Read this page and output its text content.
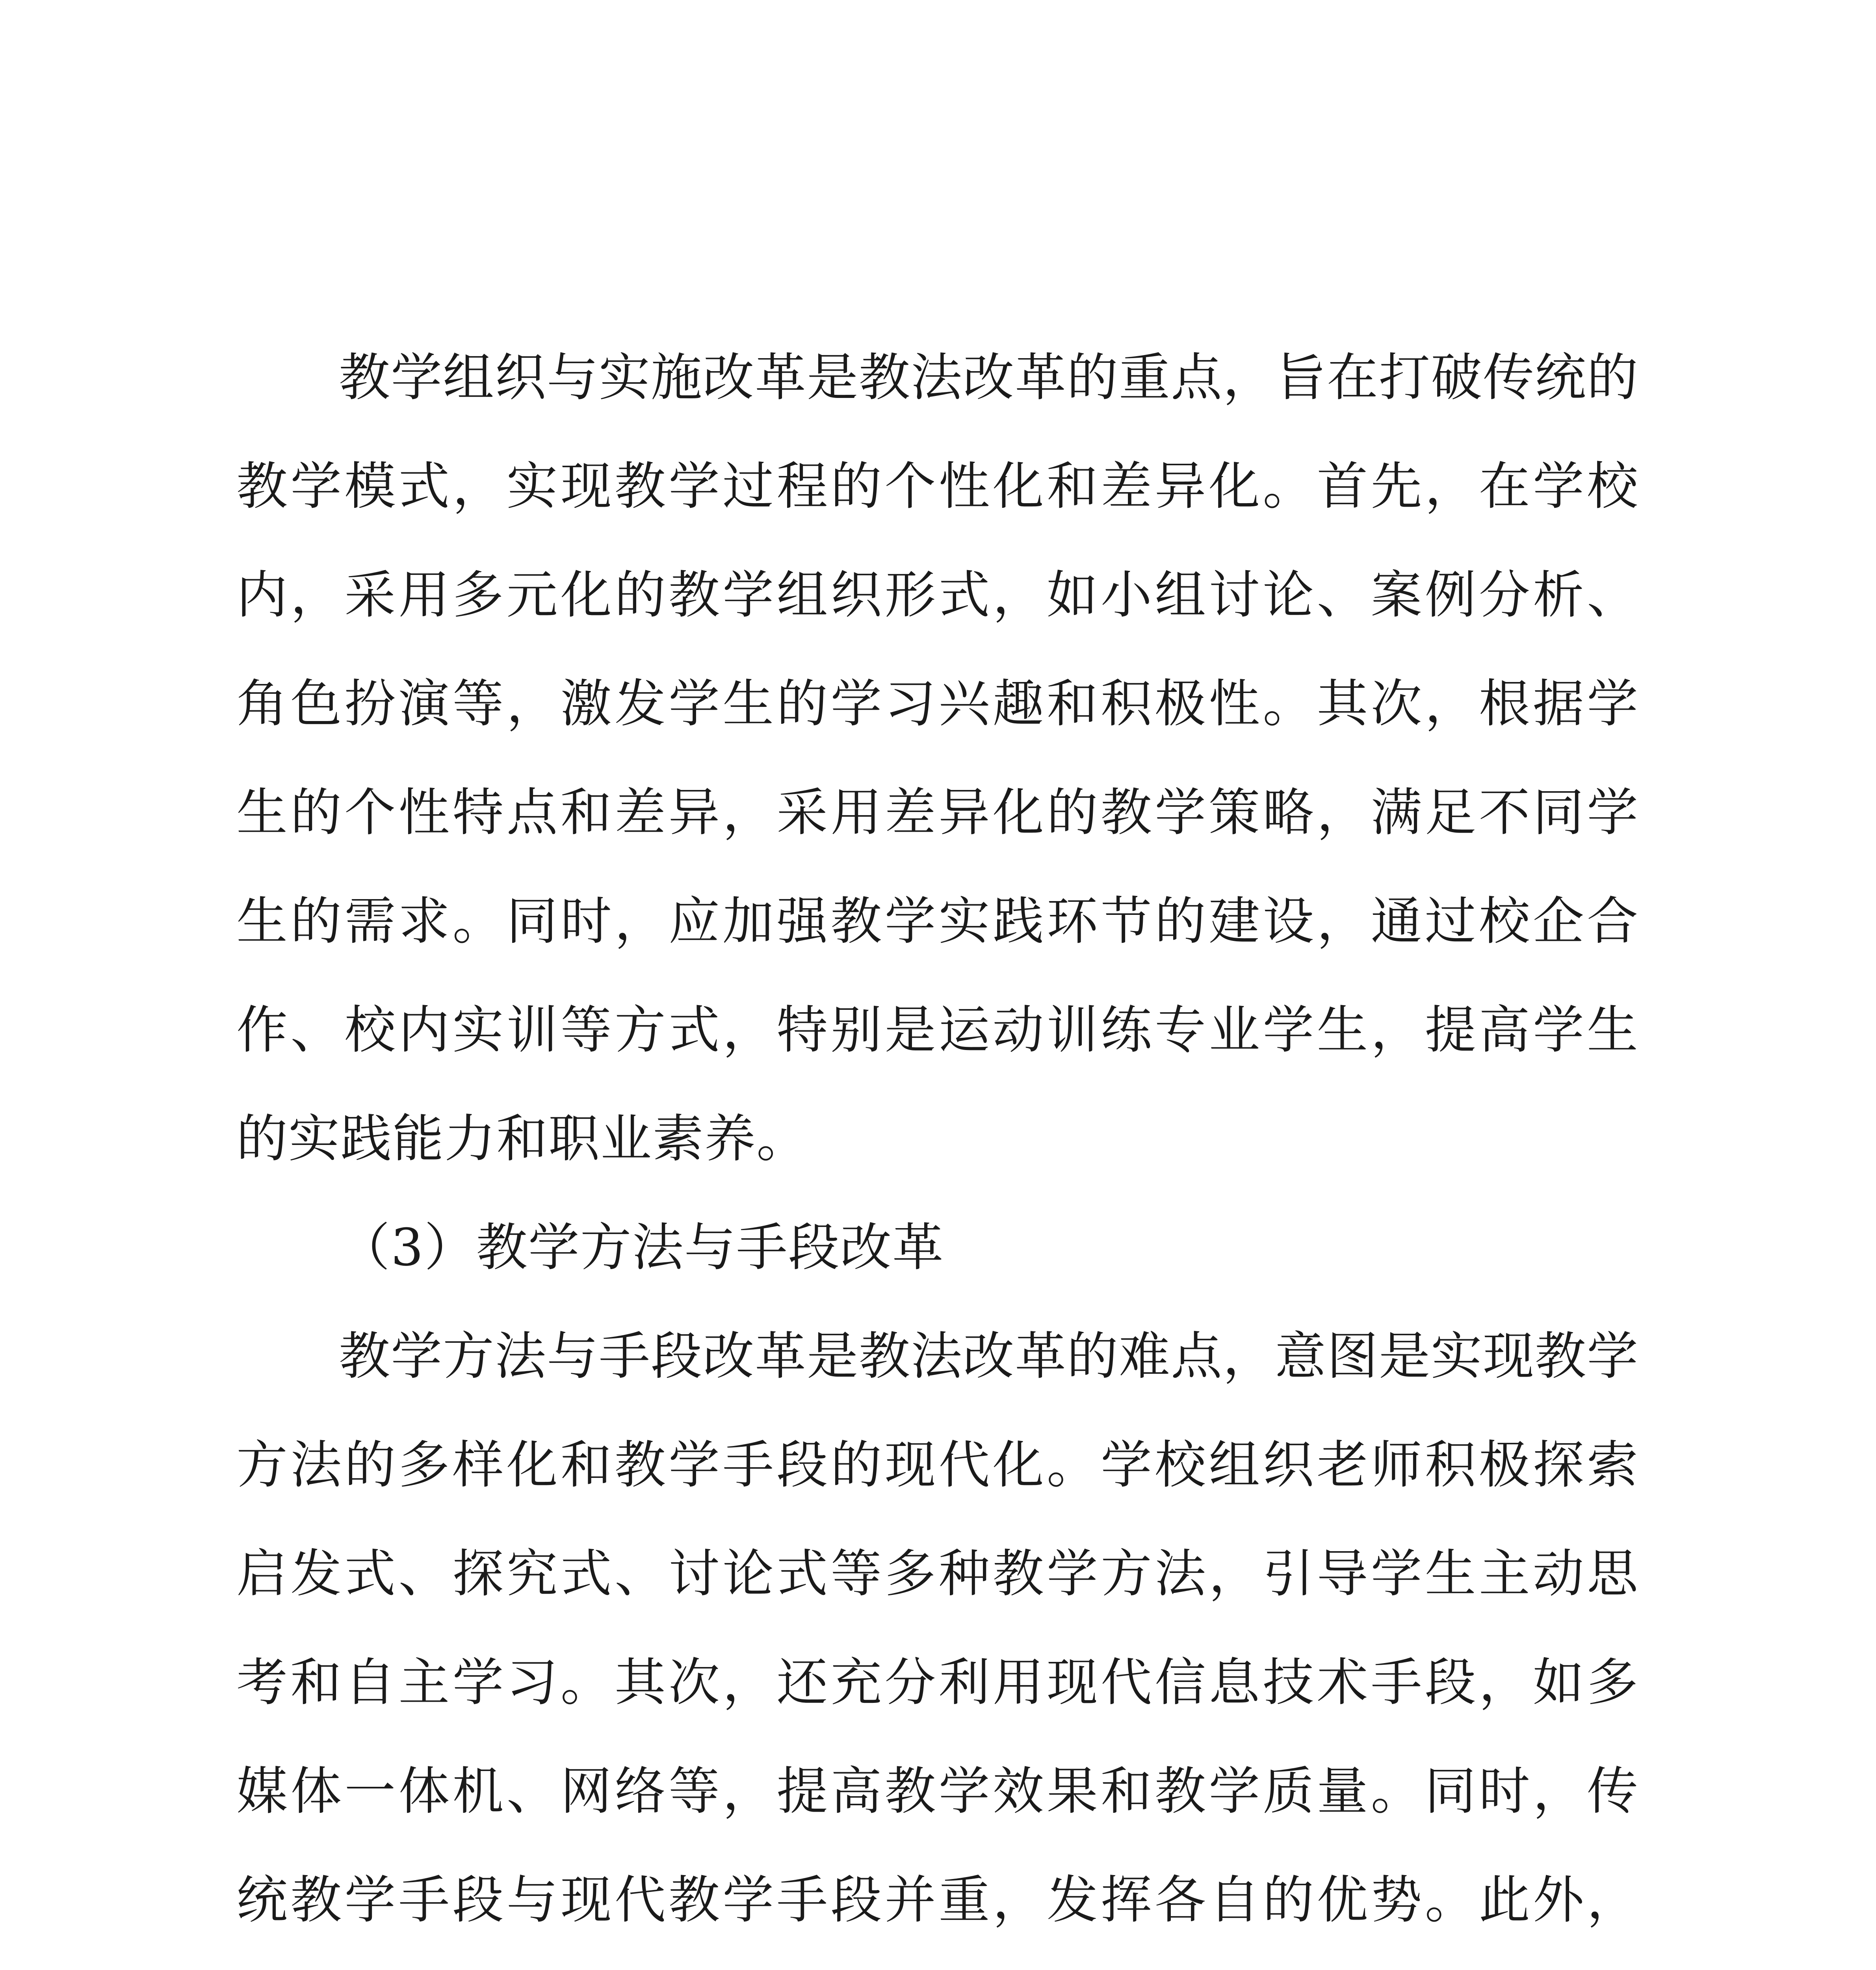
教学组织与实施改革是教法改革的重点，旨在打破传统的教学模式，实现教学过程的个性化和差异化。首先，在学校内，采用多元化的教学组织形式，如小组讨论、案例分析、角色扮演等，激发学生的学习兴趣和积极性。其次，根据学生的个性特点和差异，采用差异化的教学策略，满足不同学生的需求。同时，应加强教学实践环节的建设，通过校企合作、校内实训等方式，特别是运动训练专业学生，提高学生的实践能力和职业素养。

（3）教学方法与手段改革

教学方法与手段改革是教法改革的难点，意图是实现教学方法的多样化和教学手段的现代化。学校组织老师积极探索启发式、探究式、讨论式等多种教学方法，引导学生主动思考和自主学习。其次，还充分利用现代信息技术手段，如多媒体一体机、网络等，提高教学效果和教学质量。同时，传统教学手段与现代教学手段并重，发挥各自的优势。此外，
